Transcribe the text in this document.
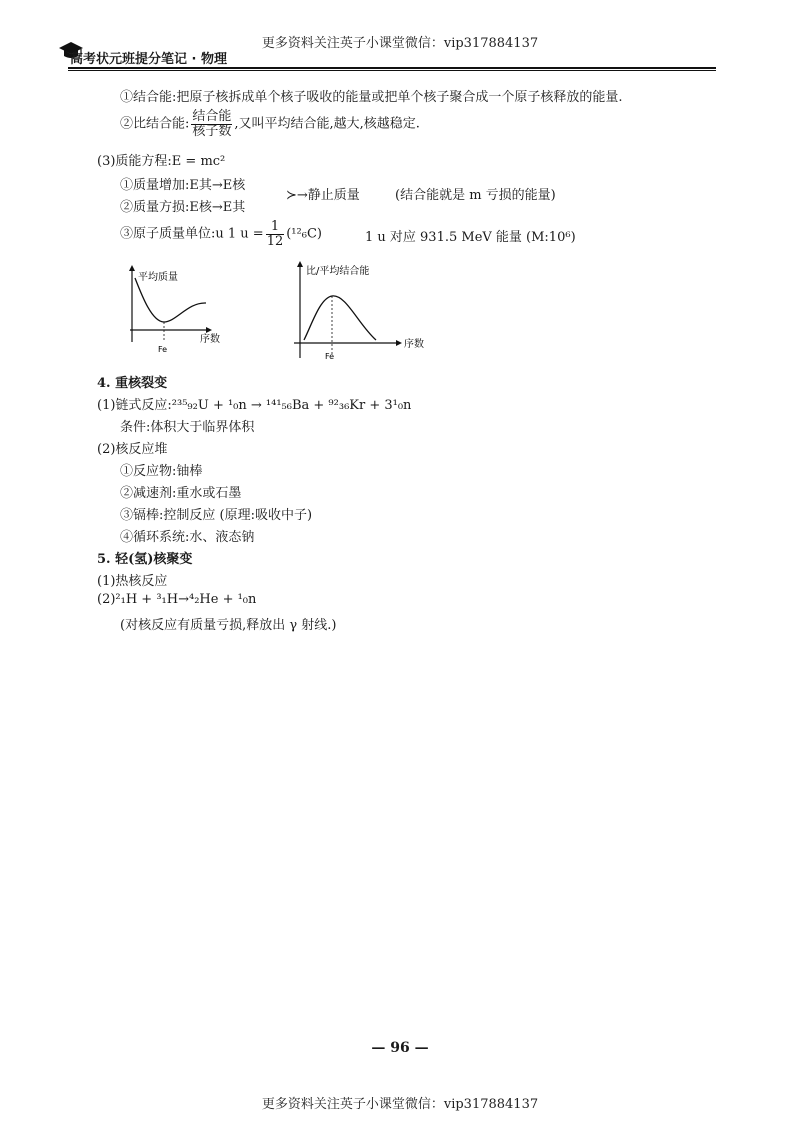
更多资料关注英子小课堂微信：vip317884137
更多资料关注英子小课堂微信：vip317884137
高考状元班提分笔记 · 物理
①结合能:把原子核拆成单个核子吸收的能量或把单个核子聚合成一个原子核释放的能量.
②比结合能: $\frac{\text{结合能}}{\text{核子数}}$ ,又叫平均结合能,越大,核越稳定.
(3)质能方程:E = mc²
①质量增加:E其→E核
②质量方损:E核→E其
≻→静止质量	(结合能就是 m 亏损的能量)
③原子质量单位:u 1 $u = \frac{1}{12} (^{12}_6C)$	1 u 对应 931.5 MeV 能量 (M:10⁶)
Fe
平均质量
序数
Fe
比/平均结合能
序数
4. 重核裂变
(1)链式反应:²³⁵₉₂U + ¹₀n → ¹⁴¹₅₆Ba + ⁹²₃₆Kr + 3¹₀n
条件:体积大于临界体积
(2)核反应堆
①反应物:铀棒
②减速剂:重水或石墨
③镉棒:控制反应 (原理:吸收中子)
④循环系统:水、液态钠
5. 轻(氢)核聚变
(1)热核反应
(2)²₁H + ³₁H→⁴₂He + ¹₀n
(对核反应有质量亏损,释放出 γ 射线.)
— 96 —
